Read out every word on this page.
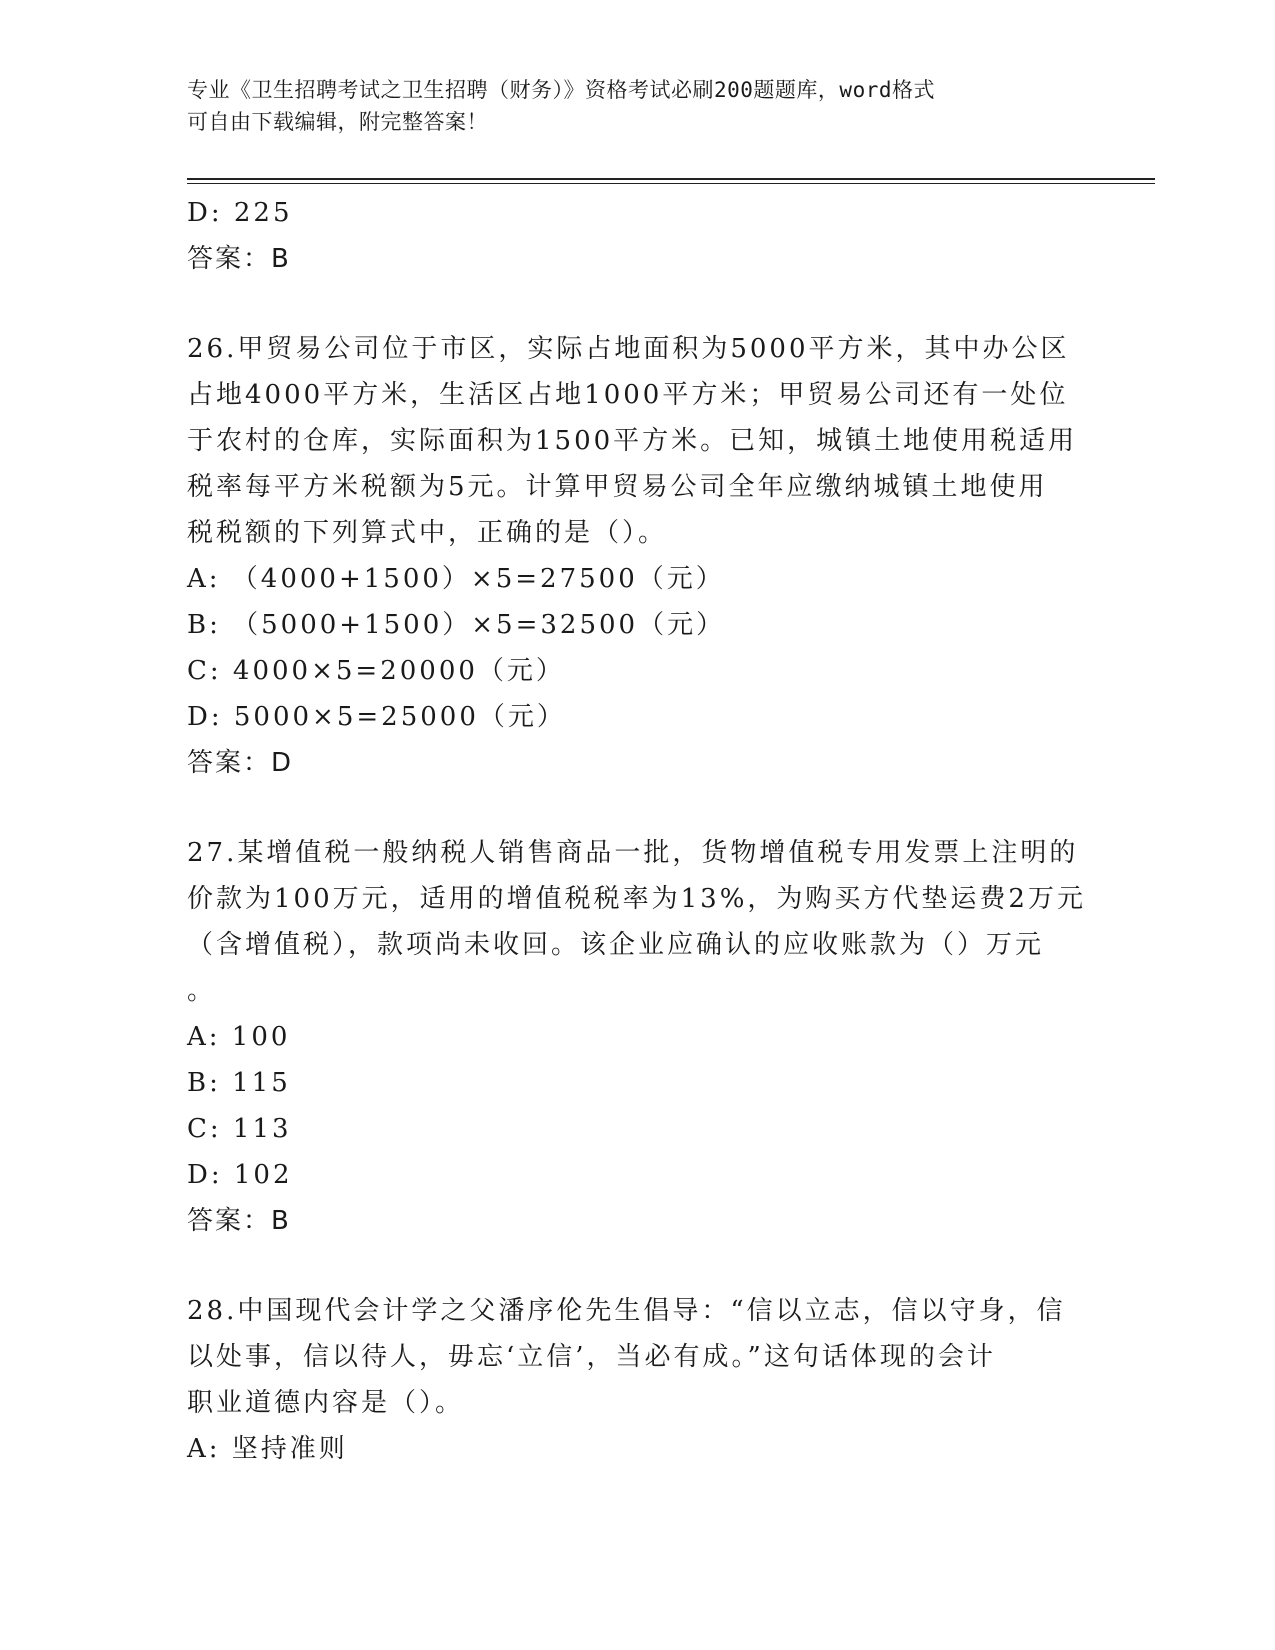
专业《卫生招聘考试之卫生招聘（财务）》资格考试必刷200题题库，word格式
可自由下载编辑，附完整答案！
D: 225
答案：B
26.甲贸易公司位于市区，实际占地面积为5000平方米，其中办公区
占地4000平方米，生活区占地1000平方米；甲贸易公司还有一处位
于农村的仓库，实际面积为1500平方米。已知，城镇土地使用税适用
税率每平方米税额为5元。计算甲贸易公司全年应缴纳城镇土地使用
税税额的下列算式中，正确的是（）。
A: （4000+1500）×5=27500（元）
B: （5000+1500）×5=32500（元）
C: 4000×5=20000（元）
D: 5000×5=25000（元）
答案：D
27.某增值税一般纳税人销售商品一批，货物增值税专用发票上注明的
价款为100万元，适用的增值税税率为13%，为购买方代垫运费2万元
（含增值税），款项尚未收回。该企业应确认的应收账款为（）万元
。
A: 100
B: 115
C: 113
D: 102
答案：B
28.中国现代会计学之父潘序伦先生倡导：“信以立志，信以守身，信
以处事，信以待人，毋忘‘立信’，当必有成。”这句话体现的会计
职业道德内容是（）。
A: 坚持准则
